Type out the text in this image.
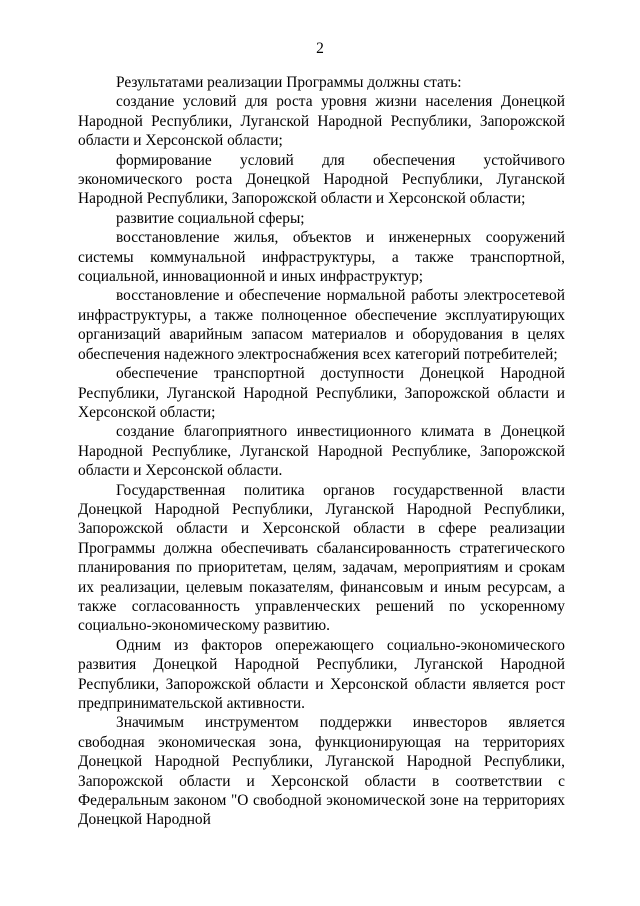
2

Результатами реализации Программы должны стать:

создание условий для роста уровня жизни населения Донецкой Народной Республики, Луганской Народной Республики, Запорожской области и Херсонской области;

формирование условий для обеспечения устойчивого экономического роста Донецкой Народной Республики, Луганской Народной Республики, Запорожской области и Херсонской области;

развитие социальной сферы;

восстановление жилья, объектов и инженерных сооружений системы коммунальной инфраструктуры, а также транспортной, социальной, инновационной и иных инфраструктур;

восстановление и обеспечение нормальной работы электросетевой инфраструктуры, а также полноценное обеспечение эксплуатирующих организаций аварийным запасом материалов и оборудования в целях обеспечения надежного электроснабжения всех категорий потребителей;

обеспечение транспортной доступности Донецкой Народной Республики, Луганской Народной Республики, Запорожской области и Херсонской области;

создание благоприятного инвестиционного климата в Донецкой Народной Республике, Луганской Народной Республике, Запорожской области и Херсонской области.

Государственная политика органов государственной власти Донецкой Народной Республики, Луганской Народной Республики, Запорожской области и Херсонской области в сфере реализации Программы должна обеспечивать сбалансированность стратегического планирования по приоритетам, целям, задачам, мероприятиям и срокам их реализации, целевым показателям, финансовым и иным ресурсам, а также согласованность управленческих решений по ускоренному социально-экономическому развитию.

Одним из факторов опережающего социально-экономического развития Донецкой Народной Республики, Луганской Народной Республики, Запорожской области и Херсонской области является рост предпринимательской активности.

Значимым инструментом поддержки инвесторов является свободная экономическая зона, функционирующая на территориях Донецкой Народной Республики, Луганской Народной Республики, Запорожской области и Херсонской области в соответствии с Федеральным законом "О свободной экономической зоне на территориях Донецкой Народной
